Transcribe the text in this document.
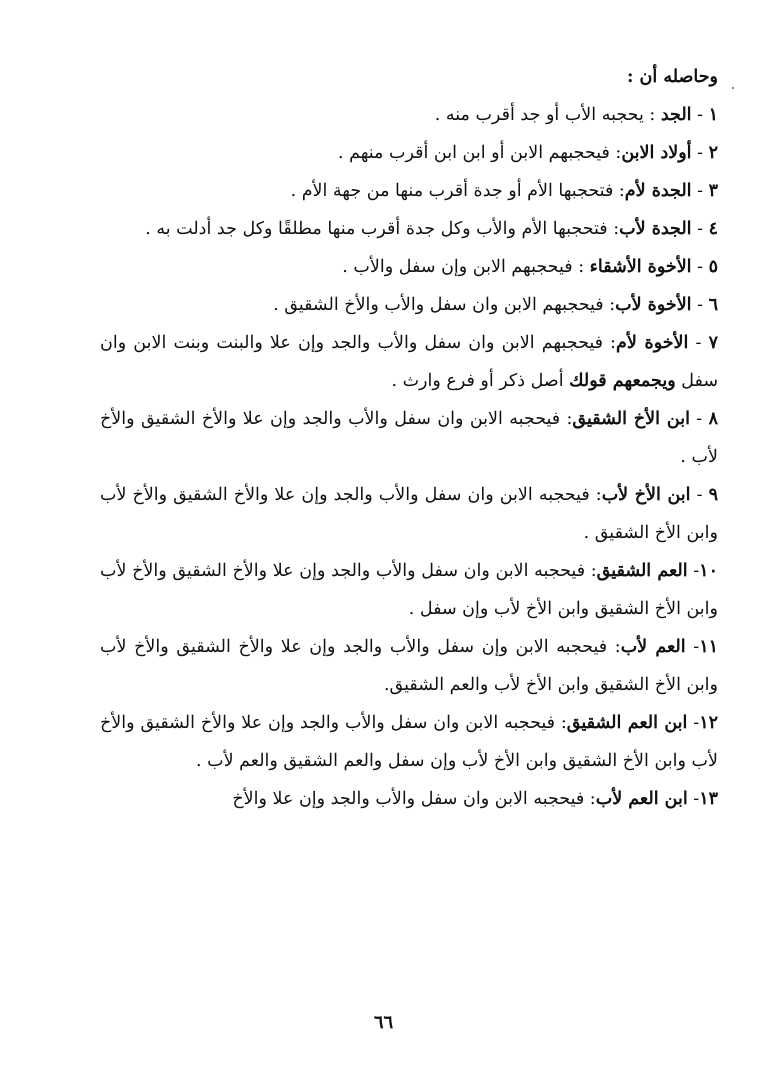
وحاصله أن :

١ - الجد : يحجبه الأب أو جد أقرب منه .

٢ - أولاد الابن: فيحجبهم الابن أو ابن ابن أقرب منهم .

٣ - الجدة لأم: فتحجبها الأم أو جدة أقرب منها من جهة الأم .

٤ - الجدة لأب: فتحجبها الأم والأب وكل جدة أقرب منها مطلقًا وكل جد أدلت به .

٥ - الأخوة الأشقاء : فيحجبهم الابن وإن سفل والأب .

٦ - الأخوة لأب: فيحجبهم الابن وان سفل والأب والأخ الشقيق .

٧ - الأخوة لأم: فيحجبهم الابن وان سفل والأب والجد وإن علا والبنت وبنت الابن وان سفل ويجمعهم قولك أصل ذكر أو فرع وارث .

٨ - ابن الأخ الشقيق: فيحجبه الابن وان سفل والأب والجد وإن علا والأخ الشقيق والأخ لأب .

٩ - ابن الأخ لأب: فيحجبه الابن وان سفل والأب والجد وإن علا والأخ الشقيق والأخ لأب وابن الأخ الشقيق .

١٠- العم الشقيق: فيحجبه الابن وان سفل والأب والجد وإن علا والأخ الشقيق والأخ لأب وابن الأخ الشقيق وابن الأخ لأب وإن سفل .

١١- العم لأب: فيحجبه الابن وإن سفل والأب والجد وإن علا والأخ الشقيق والأخ لأب وابن الأخ الشقيق وابن الأخ لأب والعم الشقيق.

١٢- ابن العم الشقيق: فيحجبه الابن وان سفل والأب والجد وإن علا والأخ الشقيق والأخ لأب وابن الأخ الشقيق وابن الأخ لأب وإن سفل والعم الشقيق والعم لأب .

١٣- ابن العم لأب: فيحجبه الابن وان سفل والأب والجد وإن علا والأخ

٦٦
